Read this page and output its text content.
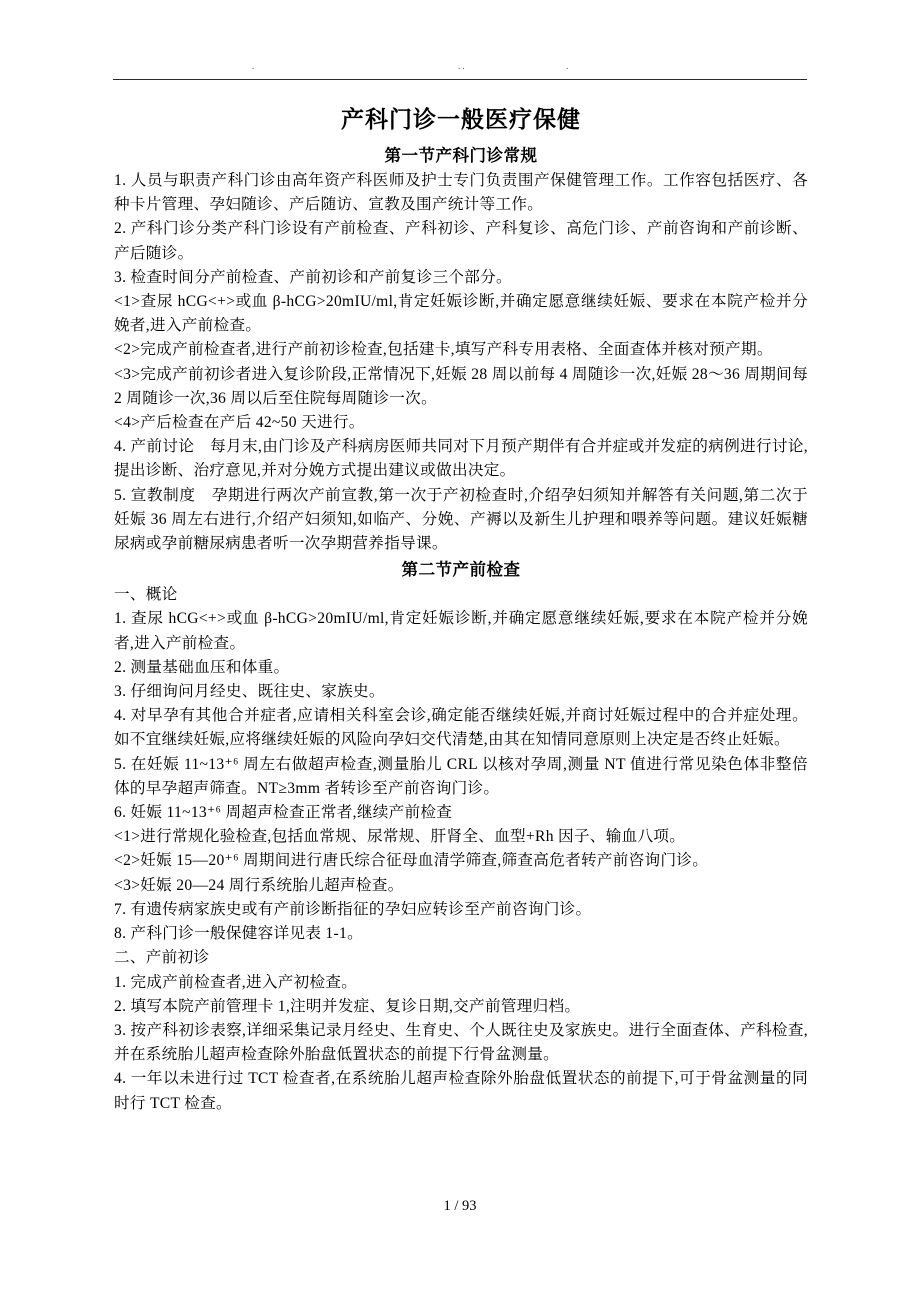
.	..	.
产科门诊一般医疗保健
第一节产科门诊常规

1. 人员与职责产科门诊由高年资产科医师及护士专门负责围产保健管理工作。工作容包括医疗、各种卡片管理、孕妇随诊、产后随访、宣教及围产统计等工作。

2. 产科门诊分类产科门诊设有产前检查、产科初诊、产科复诊、高危门诊、产前咨询和产前诊断、产后随诊。

3. 检查时间分产前检查、产前初诊和产前复诊三个部分。

<1>查尿 hCG<+>或血 β-hCG>20mIU/ml,肯定妊娠诊断,并确定愿意继续妊娠、要求在本院产检并分娩者,进入产前检查。

<2>完成产前检查者,进行产前初诊检查,包括建卡,填写产科专用表格、全面查体并核对预产期。

<3>完成产前初诊者进入复诊阶段,正常情况下,妊娠 28 周以前每 4 周随诊一次,妊娠 28～36 周期间每 2 周随诊一次,36 周以后至住院每周随诊一次。

<4>产后检查在产后 42~50 天进行。

4. 产前讨论　每月末,由门诊及产科病房医师共同对下月预产期伴有合并症或并发症的病例进行讨论,提出诊断、治疗意见,并对分娩方式提出建议或做出决定。

5. 宣教制度　孕期进行两次产前宣教,第一次于产初检查时,介绍孕妇须知并解答有关问题,第二次于妊娠 36 周左右进行,介绍产妇须知,如临产、分娩、产褥以及新生儿护理和喂养等问题。建议妊娠糖尿病或孕前糖尿病患者听一次孕期营养指导课。

第二节产前检查

一、概论

1. 查尿 hCG<+>或血 β-hCG>20mIU/ml,肯定妊娠诊断,并确定愿意继续妊娠,要求在本院产检并分娩者,进入产前检查。

2. 测量基础血压和体重。

3. 仔细询问月经史、既往史、家族史。

4. 对早孕有其他合并症者,应请相关科室会诊,确定能否继续妊娠,并商讨妊娠过程中的合并症处理。如不宜继续妊娠,应将继续妊娠的风险向孕妇交代清楚,由其在知情同意原则上决定是否终止妊娠。

5. 在妊娠 11~13⁺⁶ 周左右做超声检查,测量胎儿 CRL 以核对孕周,测量 NT 值进行常见染色体非整倍体的早孕超声筛查。NT≥3mm 者转诊至产前咨询门诊。

6. 妊娠 11~13⁺⁶ 周超声检查正常者,继续产前检查

<1>进行常规化验检查,包括血常规、尿常规、肝肾全、血型+Rh 因子、输血八项。

<2>妊娠 15—20⁺⁶ 周期间进行唐氏综合征母血清学筛查,筛查高危者转产前咨询门诊。

<3>妊娠 20—24 周行系统胎儿超声检查。

7. 有遗传病家族史或有产前诊断指征的孕妇应转诊至产前咨询门诊。

8. 产科门诊一般保健容详见表 1-1。

二、产前初诊

1. 完成产前检查者,进入产初检查。

2. 填写本院产前管理卡 1,注明并发症、复诊日期,交产前管理归档。

3. 按产科初诊表察,详细采集记录月经史、生育史、个人既往史及家族史。进行全面查体、产科检查,并在系统胎儿超声检查除外胎盘低置状态的前提下行骨盆测量。

4. 一年以未进行过 TCT 检查者,在系统胎儿超声检查除外胎盘低置状态的前提下,可于骨盆测量的同时行 TCT 检查。

1 / 93
